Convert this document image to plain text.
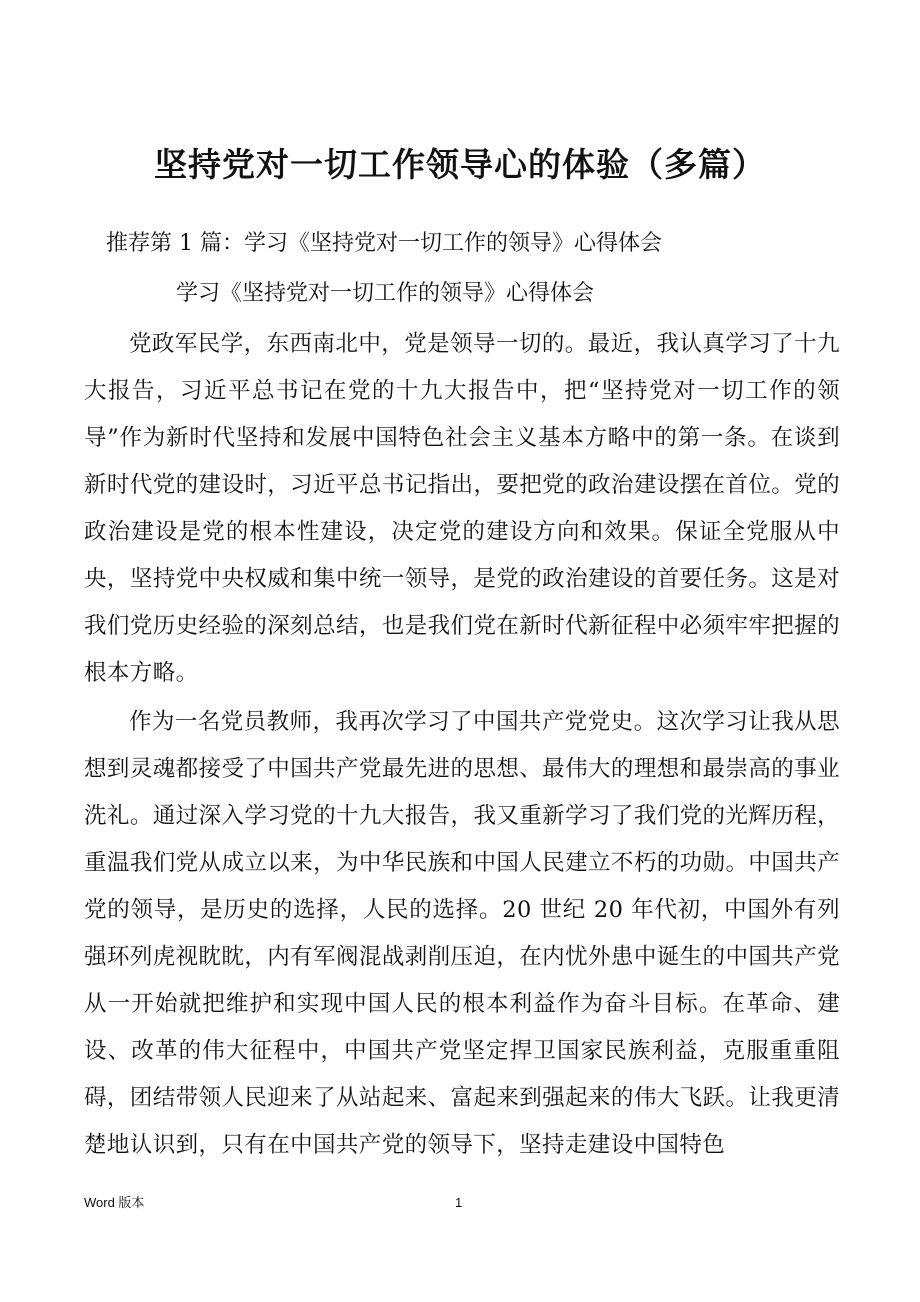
坚持党对一切工作领导心的体验（多篇）
推荐第 1 篇：学习《坚持党对一切工作的领导》心得体会
学习《坚持党对一切工作的领导》心得体会

党政军民学，东西南北中，党是领导一切的。最近，我认真学习了十九大报告，习近平总书记在党的十九大报告中，把“坚持党对一切工作的领导”作为新时代坚持和发展中国特色社会主义基本方略中的第一条。在谈到新时代党的建设时，习近平总书记指出，要把党的政治建设摆在首位。党的政治建设是党的根本性建设，决定党的建设方向和效果。保证全党服从中央，坚持党中央权威和集中统一领导，是党的政治建设的首要任务。这是对我们党历史经验的深刻总结，也是我们党在新时代新征程中必须牢牢把握的根本方略。

作为一名党员教师，我再次学习了中国共产党党史。这次学习让我从思想到灵魂都接受了中国共产党最先进的思想、最伟大的理想和最崇高的事业洗礼。通过深入学习党的十九大报告，我又重新学习了我们党的光辉历程，重温我们党从成立以来，为中华民族和中国人民建立不朽的功勋。中国共产党的领导，是历史的选择，人民的选择。20 世纪 20 年代初，中国外有列强环列虎视眈眈，内有军阀混战剥削压迫，在内忧外患中诞生的中国共产党从一开始就把维护和实现中国人民的根本利益作为奋斗目标。在革命、建设、改革的伟大征程中，中国共产党坚定捍卫国家民族利益，克服重重阻碍，团结带领人民迎来了从站起来、富起来到强起来的伟大飞跃。让我更清楚地认识到，只有在中国共产党的领导下，坚持走建设中国特色

Word 版本	1
